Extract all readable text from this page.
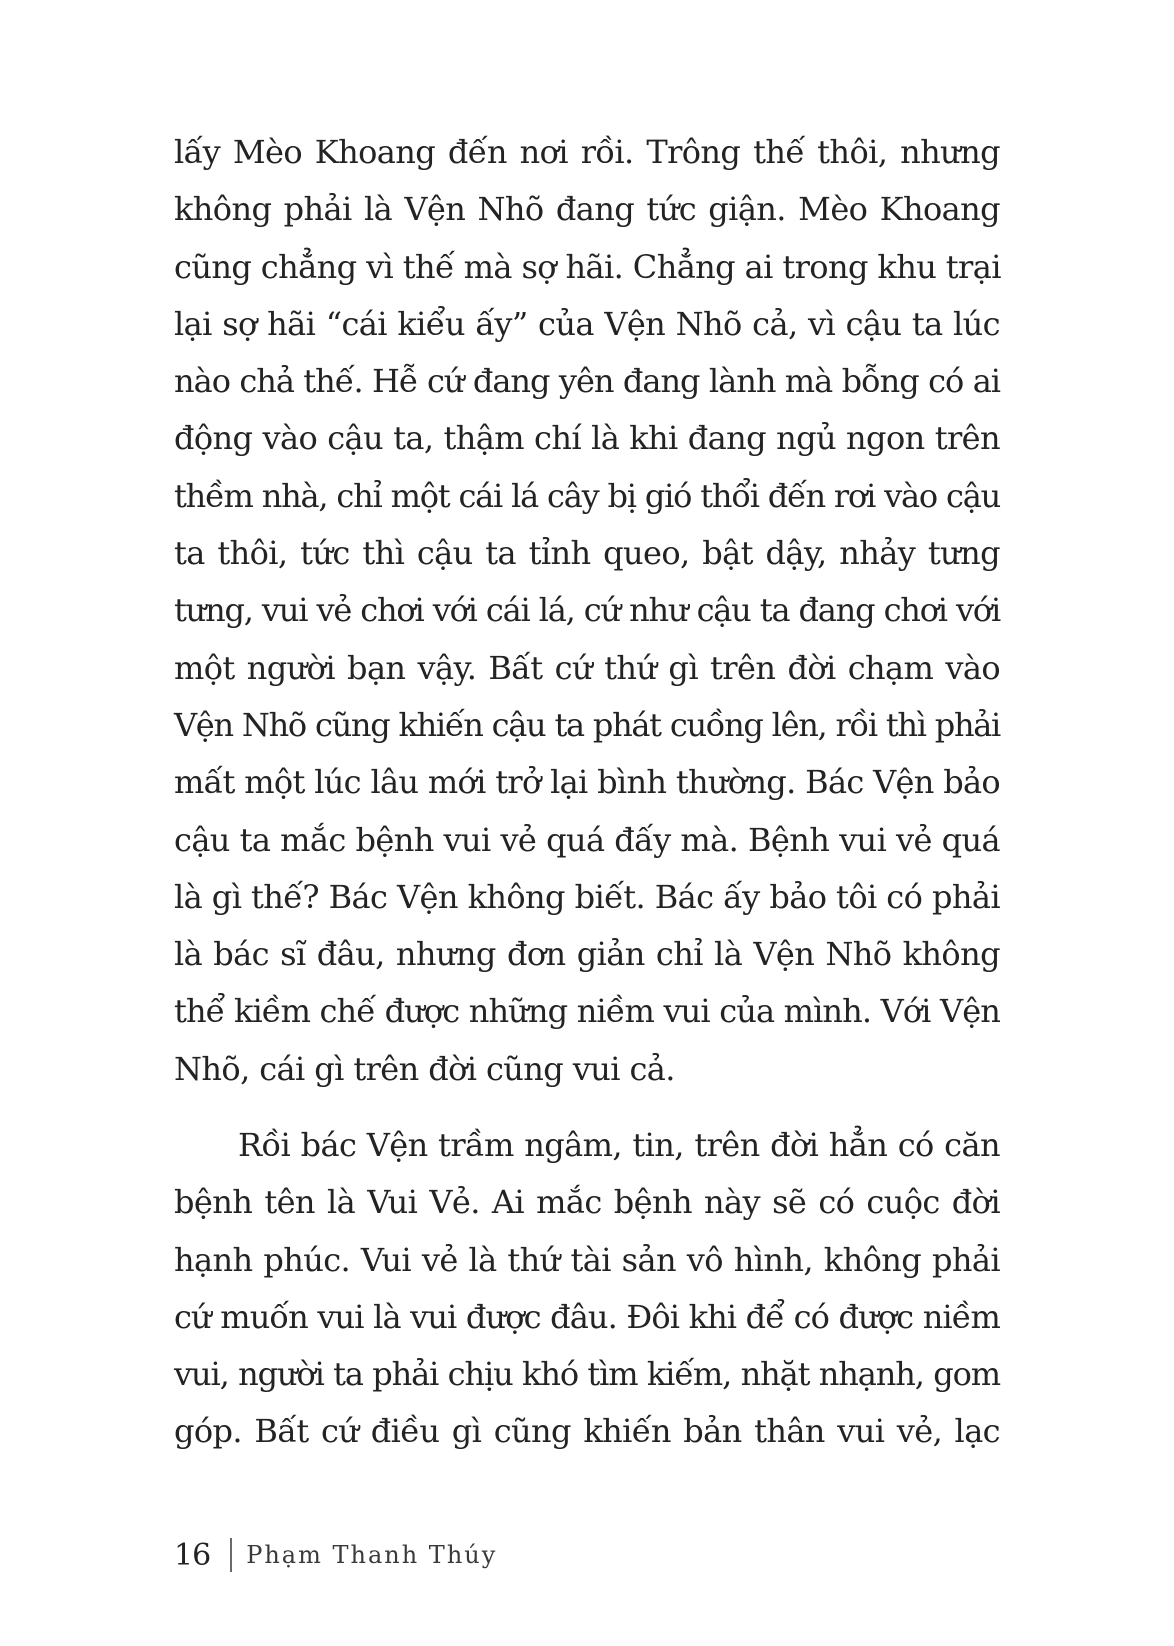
lấy Mèo Khoang đến nơi rồi. Trông thế thôi, nhưng
không phải là Vện Nhõ đang tức giận. Mèo Khoang
cũng chẳng vì thế mà sợ hãi. Chẳng ai trong khu trại
lại sợ hãi “cái kiểu ấy” của Vện Nhõ cả, vì cậu ta lúc
nào chả thế. Hễ cứ đang yên đang lành mà bỗng có ai
động vào cậu ta, thậm chí là khi đang ngủ ngon trên
thềm nhà, chỉ một cái lá cây bị gió thổi đến rơi vào cậu
ta thôi, tức thì cậu ta tỉnh queo, bật dậy, nhảy tưng
tưng, vui vẻ chơi với cái lá, cứ như cậu ta đang chơi với
một người bạn vậy. Bất cứ thứ gì trên đời chạm vào
Vện Nhõ cũng khiến cậu ta phát cuồng lên, rồi thì phải
mất một lúc lâu mới trở lại bình thường. Bác Vện bảo
cậu ta mắc bệnh vui vẻ quá đấy mà. Bệnh vui vẻ quá
là gì thế? Bác Vện không biết. Bác ấy bảo tôi có phải
là bác sĩ đâu, nhưng đơn giản chỉ là Vện Nhõ không
thể kiềm chế được những niềm vui của mình. Với Vện
Nhõ, cái gì trên đời cũng vui cả.
Rồi bác Vện trầm ngâm, tin, trên đời hẳn có căn
bệnh tên là Vui Vẻ. Ai mắc bệnh này sẽ có cuộc đời
hạnh phúc. Vui vẻ là thứ tài sản vô hình, không phải
cứ muốn vui là vui được đâu. Đôi khi để có được niềm
vui, người ta phải chịu khó tìm kiếm, nhặt nhạnh, gom
góp. Bất cứ điều gì cũng khiến bản thân vui vẻ, lạc
16 Phạm Thanh Thúy
